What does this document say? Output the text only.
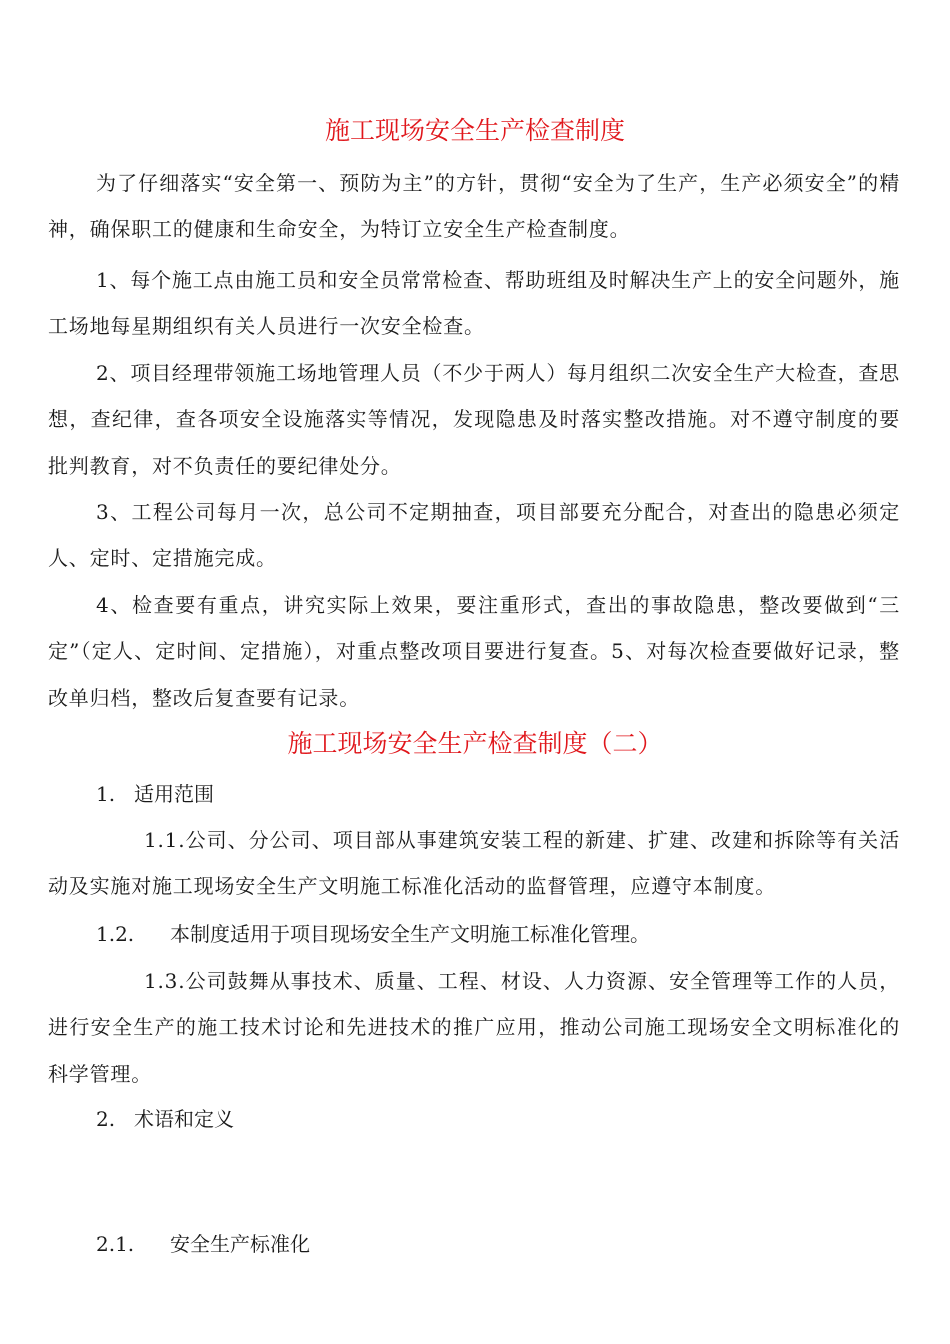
施工现场安全生产检查制度

为了仔细落实“安全第一、预防为主”的方针，贯彻“安全为了生产，生产必须安全”的精神，确保职工的健康和生命安全，为特订立安全生产检查制度。

1、每个施工点由施工员和安全员常常检查、帮助班组及时解决生产上的安全问题外，施工场地每星期组织有关人员进行一次安全检查。

2、项目经理带领施工场地管理人员（不少于两人）每月组织二次安全生产大检查，查思想，查纪律，查各项安全设施落实等情况，发现隐患及时落实整改措施。对不遵守制度的要批判教育，对不负责任的要纪律处分。

3、工程公司每月一次，总公司不定期抽查，项目部要充分配合，对查出的隐患必须定人、定时、定措施完成。

4、检查要有重点，讲究实际上效果，要注重形式，查出的事故隐患，整改要做到“三定”（定人、定时间、定措施），对重点整改项目要进行复查。5、对每次检查要做好记录，整改单归档，整改后复查要有记录。

施工现场安全生产检查制度（二）

1. 适用范围

1.1.公司、分公司、项目部从事建筑安装工程的新建、扩建、改建和拆除等有关活动及实施对施工现场安全生产文明施工标准化活动的监督管理，应遵守本制度。

1.2. 本制度适用于项目现场安全生产文明施工标准化管理。

1.3.公司鼓舞从事技术、质量、工程、材设、人力资源、安全管理等工作的人员，进行安全生产的施工技术讨论和先进技术的推广应用，推动公司施工现场安全文明标准化的科学管理。

2. 术语和定义

2.1. 安全生产标准化
